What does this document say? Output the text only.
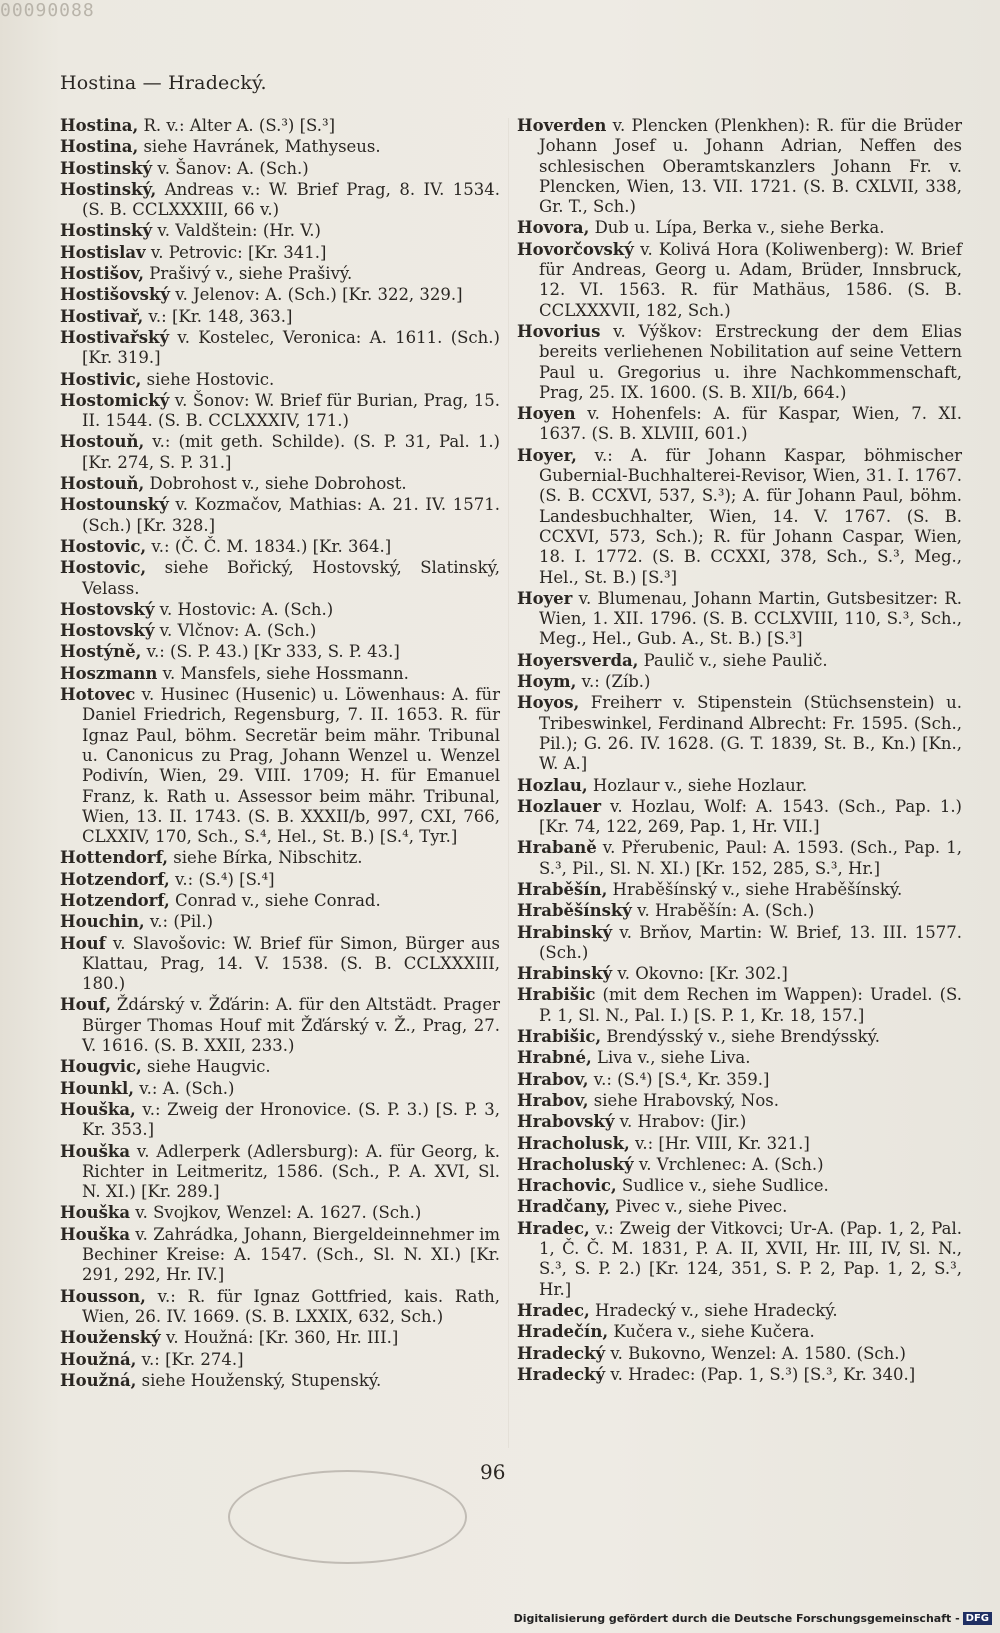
00090088
Hostina — Hradecký.

Hostina, R. v.: Alter A. (S.³) [S.³]

Hostina, siehe Havránek, Mathyseus.

Hostinský v. Šanov: A. (Sch.)

Hostinský, Andreas v.: W. Brief Prag, 8. IV. 1534. (S. B. CCLXXXIII, 66 v.)

Hostinský v. Valdštein: (Hr. V.)

Hostislav v. Petrovic: [Kr. 341.]

Hostišov, Prašivý v., siehe Prašivý.

Hostišovský v. Jelenov: A. (Sch.) [Kr. 322, 329.]

Hostivař, v.: [Kr. 148, 363.]

Hostivařský v. Kostelec, Veronica: A. 1611. (Sch.) [Kr. 319.]

Hostivic, siehe Hostovic.

Hostomický v. Šonov: W. Brief für Burian, Prag, 15. II. 1544. (S. B. CCLXXXIV, 171.)

Hostouň, v.: (mit geth. Schilde). (S. P. 31, Pal. 1.) [Kr. 274, S. P. 31.]

Hostouň, Dobrohost v., siehe Dobrohost.

Hostounský v. Kozmačov, Mathias: A. 21. IV. 1571. (Sch.) [Kr. 328.]

Hostovic, v.: (Č. Č. M. 1834.) [Kr. 364.]

Hostovic, siehe Bořický, Hostovský, Slatinský, Velass.

Hostovský v. Hostovic: A. (Sch.)

Hostovský v. Vlčnov: A. (Sch.)

Hostýně, v.: (S. P. 43.) [Kr 333, S. P. 43.]

Hoszmann v. Mansfels, siehe Hossmann.

Hotovec v. Husinec (Husenic) u. Löwenhaus: A. für Daniel Friedrich, Regensburg, 7. II. 1653. R. für Ignaz Paul, böhm. Secretär beim mähr. Tribunal u. Canonicus zu Prag, Johann Wenzel u. Wenzel Podivín, Wien, 29. VIII. 1709; H. für Emanuel Franz, k. Rath u. Assessor beim mähr. Tribunal, Wien, 13. II. 1743. (S. B. XXXII/b, 997, CXI, 766, CLXXIV, 170, Sch., S.⁴, Hel., St. B.) [S.⁴, Tyr.]

Hottendorf, siehe Bírka, Nibschitz.

Hotzendorf, v.: (S.⁴) [S.⁴]

Hotzendorf, Conrad v., siehe Conrad.

Houchin, v.: (Pil.)

Houf v. Slavošovic: W. Brief für Simon, Bürger aus Klattau, Prag, 14. V. 1538. (S. B. CCLXXXIII, 180.)

Houf, Ždárský v. Žďárin: A. für den Altstädt. Prager Bürger Thomas Houf mit Žďárský v. Ž., Prag, 27. V. 1616. (S. B. XXII, 233.)

Hougvic, siehe Haugvic.

Hounkl, v.: A. (Sch.)

Houška, v.: Zweig der Hronovice. (S. P. 3.) [S. P. 3, Kr. 353.]

Houška v. Adlerperk (Adlersburg): A. für Georg, k. Richter in Leitmeritz, 1586. (Sch., P. A. XVI, Sl. N. XI.) [Kr. 289.]

Houška v. Svojkov, Wenzel: A. 1627. (Sch.)

Houška v. Zahrádka, Johann, Biergeldeinnehmer im Bechiner Kreise: A. 1547. (Sch., Sl. N. XI.) [Kr. 291, 292, Hr. IV.]

Housson, v.: R. für Ignaz Gottfried, kais. Rath, Wien, 26. IV. 1669. (S. B. LXXIX, 632, Sch.)

Houženský v. Houžná: [Kr. 360, Hr. III.]

Houžná, v.: [Kr. 274.]

Houžná, siehe Houženský, Stupenský.

Hoverden v. Plencken (Plenkhen): R. für die Brüder Johann Josef u. Johann Adrian, Neffen des schlesischen Oberamtskanzlers Johann Fr. v. Plencken, Wien, 13. VII. 1721. (S. B. CXLVII, 338, Gr. T., Sch.)

Hovora, Dub u. Lípa, Berka v., siehe Berka.

Hovorčovský v. Kolivá Hora (Koliwenberg): W. Brief für Andreas, Georg u. Adam, Brüder, Innsbruck, 12. VI. 1563. R. für Mathäus, 1586. (S. B. CCLXXXVII, 182, Sch.)

Hovorius v. Výškov: Erstreckung der dem Elias bereits verliehenen Nobilitation auf seine Vettern Paul u. Gregorius u. ihre Nachkommenschaft, Prag, 25. IX. 1600. (S. B. XII/b, 664.)

Hoyen v. Hohenfels: A. für Kaspar, Wien, 7. XI. 1637. (S. B. XLVIII, 601.)

Hoyer, v.: A. für Johann Kaspar, böhmischer Gubernial-Buchhalterei-Revisor, Wien, 31. I. 1767. (S. B. CCXVI, 537, S.³); A. für Johann Paul, böhm. Landesbuchhalter, Wien, 14. V. 1767. (S. B. CCXVI, 573, Sch.); R. für Johann Caspar, Wien, 18. I. 1772. (S. B. CCXXI, 378, Sch., S.³, Meg., Hel., St. B.) [S.³]

Hoyer v. Blumenau, Johann Martin, Gutsbesitzer: R. Wien, 1. XII. 1796. (S. B. CCLXVIII, 110, S.³, Sch., Meg., Hel., Gub. A., St. B.) [S.³]

Hoyersverda, Paulič v., siehe Paulič.

Hoym, v.: (Zíb.)

Hoyos, Freiherr v. Stipenstein (Stüchsenstein) u. Tribeswinkel, Ferdinand Albrecht: Fr. 1595. (Sch., Pil.); G. 26. IV. 1628. (G. T. 1839, St. B., Kn.) [Kn., W. A.]

Hozlau, Hozlaur v., siehe Hozlaur.

Hozlauer v. Hozlau, Wolf: A. 1543. (Sch., Pap. 1.) [Kr. 74, 122, 269, Pap. 1, Hr. VII.]

Hrabaně v. Přerubenic, Paul: A. 1593. (Sch., Pap. 1, S.³, Pil., Sl. N. XI.) [Kr. 152, 285, S.³, Hr.]

Hraběšín, Hraběšínský v., siehe Hraběšínský.

Hraběšínský v. Hraběšín: A. (Sch.)

Hrabinský v. Brňov, Martin: W. Brief, 13. III. 1577. (Sch.)

Hrabinský v. Okovno: [Kr. 302.]

Hrabišic (mit dem Rechen im Wappen): Uradel. (S. P. 1, Sl. N., Pal. I.) [S. P. 1, Kr. 18, 157.]

Hrabišic, Brendýsský v., siehe Brendýsský.

Hrabné, Liva v., siehe Liva.

Hrabov, v.: (S.⁴) [S.⁴, Kr. 359.]

Hrabov, siehe Hrabovský, Nos.

Hrabovský v. Hrabov: (Jir.)

Hracholusk, v.: [Hr. VIII, Kr. 321.]

Hracholuský v. Vrchlenec: A. (Sch.)

Hrachovic, Sudlice v., siehe Sudlice.

Hradčany, Pivec v., siehe Pivec.

Hradec, v.: Zweig der Vitkovci; Ur-A. (Pap. 1, 2, Pal. 1, Č. Č. M. 1831, P. A. II, XVII, Hr. III, IV, Sl. N., S.³, S. P. 2.) [Kr. 124, 351, S. P. 2, Pap. 1, 2, S.³, Hr.]

Hradec, Hradecký v., siehe Hradecký.

Hradečín, Kučera v., siehe Kučera.

Hradecký v. Bukovno, Wenzel: A. 1580. (Sch.)

Hradecký v. Hradec: (Pap. 1, S.³) [S.³, Kr. 340.]

96
Digitalisierung gefördert durch die Deutsche Forschungsgemeinschaft - DFG
